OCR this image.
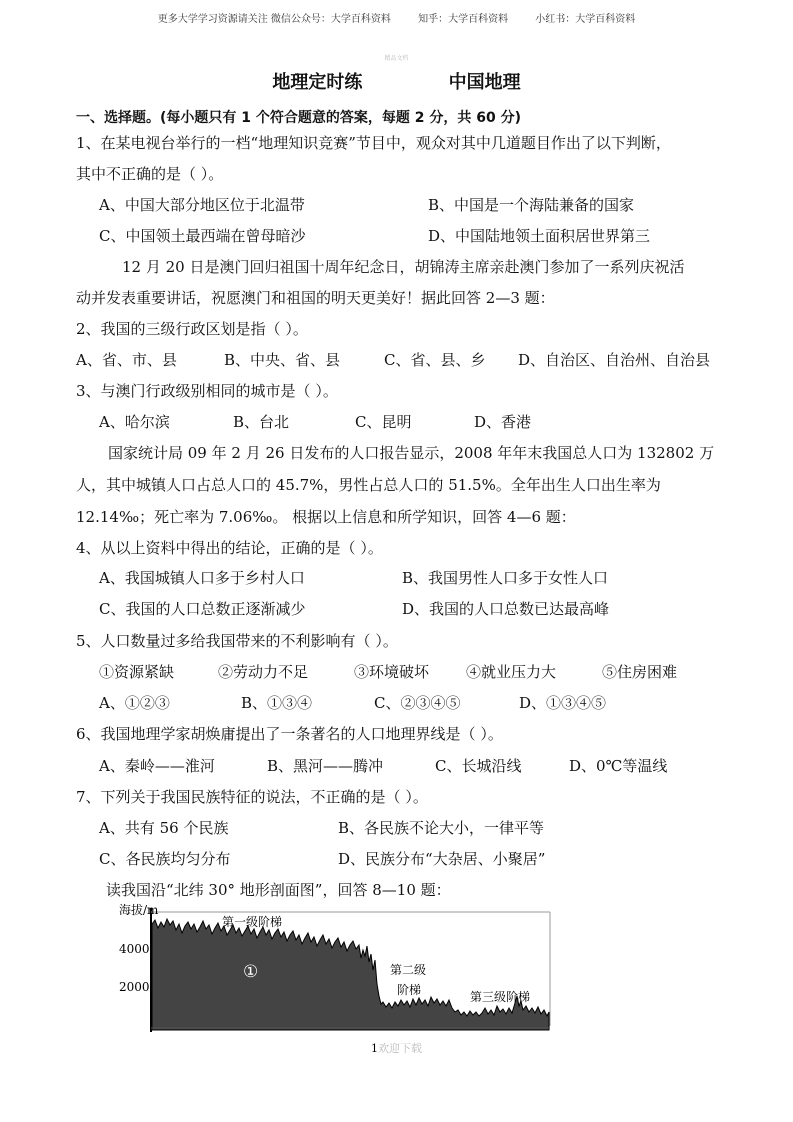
更多大学学习资源请关注 微信公众号：大学百科资料	知乎：大学百科资料	小红书：大学百科资料
精品文档
地理定时练	中国地理
一、选择题。(每小题只有 1 个符合题意的答案，每题 2 分，共 60 分)
1、在某电视台举行的一档“地理知识竞赛”节目中，观众对其中几道题目作出了以下判断，
其中不正确的是（ ）。
A、中国大部分地区位于北温带	B、中国是一个海陆兼备的国家
C、中国领土最西端在曾母暗沙	D、中国陆地领土面积居世界第三
12 月 20 日是澳门回归祖国十周年纪念日，胡锦涛主席亲赴澳门参加了一系列庆祝活
动并发表重要讲话，祝愿澳门和祖国的明天更美好！据此回答 2—3 题：
2、我国的三级行政区划是指（ ）。
A、省、市、县	B、中央、省、县	C、省、县、乡 D、自治区、自治州、自治县
3、与澳门行政级别相同的城市是（ ）。
A、哈尔滨	B、台北	C、昆明	D、香港
国家统计局 09 年 2 月 26 日发布的人口报告显示，2008 年年末我国总人口为 132802 万
人，其中城镇人口占总人口的 45.7%，男性占总人口的 51.5%。全年出生人口出生率为
12.14‰；死亡率为 7.06‰。 根据以上信息和所学知识，回答 4—6 题：
4、从以上资料中得出的结论，正确的是（ ）。
A、我国城镇人口多于乡村人口	B、我国男性人口多于女性人口
C、我国的人口总数正逐渐减少	D、我国的人口总数已达最高峰
5、人口数量过多给我国带来的不利影响有（ ）。
①资源紧缺	②劳动力不足	③环境破坏 ④就业压力大	⑤住房困难
A、①②③	B、①③④	C、②③④⑤	D、①③④⑤
6、我国地理学家胡焕庸提出了一条著名的人口地理界线是（ ）。
A、秦岭——淮河	B、黑河——腾冲	C、长城沿线	D、0℃等温线
7、下列关于我国民族特征的说法，不正确的是（ ）。
A、共有 56 个民族	B、各民族不论大小，一律平等
C、各民族均匀分布	D、民族分布“大杂居、小聚居”
读我国沿“北纬 30° 地形剖面图”，回答 8—10 题：
海拔/m
4000
2000
第一级阶梯
①	第二级
阶梯	第三级阶梯
1欢迎下载
